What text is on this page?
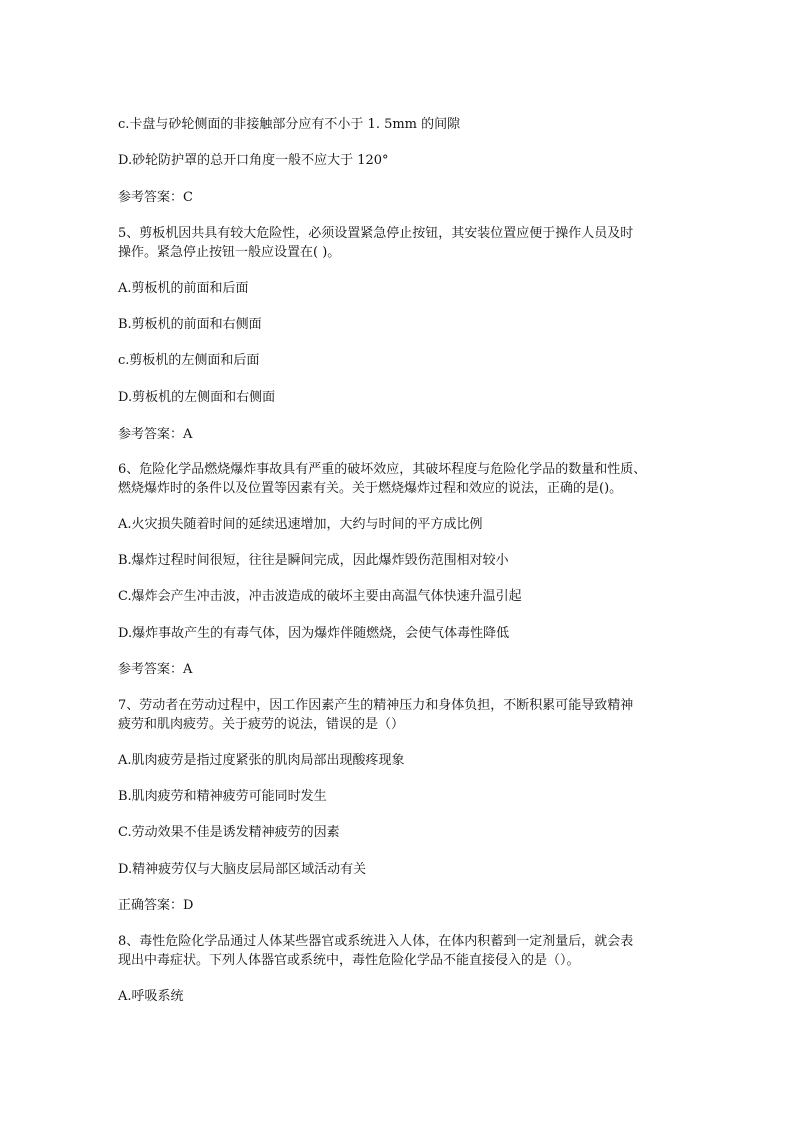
c.卡盘与砂轮侧面的非接触部分应有不小于 1. 5mm 的间隙
D.砂轮防护罩的总开口角度一般不应大于 120°
参考答案：C
5、剪板机因共具有较大危险性，必须设置紧急停止按钮，其安装位置应便于操作人员及时
操作。紧急停止按钮一般应设置在( )。
A.剪板机的前面和后面
B.剪板机的前面和右侧面
c.剪板机的左侧面和后面
D.剪板机的左侧面和右侧面
参考答案：A
6、危险化学品燃烧爆炸事故具有严重的破坏效应，其破坏程度与危险化学品的数量和性质、
燃烧爆炸时的条件以及位置等因素有关。关于燃烧爆炸过程和效应的说法，正确的是()。
A.火灾损失随着时间的延续迅速增加，大约与时间的平方成比例
B.爆炸过程时间很短，往往是瞬间完成，因此爆炸毁伤范围相对较小
C.爆炸会产生冲击波，冲击波造成的破坏主要由高温气体快速升温引起
D.爆炸事故产生的有毒气体，因为爆炸伴随燃烧，会使气体毒性降低
参考答案：A
7、劳动者在劳动过程中，因工作因素产生的精神压力和身体负担，不断积累可能导致精神
疲劳和肌肉疲劳。关于疲劳的说法，错误的是（）
A.肌肉疲劳是指过度紧张的肌肉局部出现酸疼现象
B.肌肉疲劳和精神疲劳可能同时发生
C.劳动效果不佳是诱发精神疲劳的因素
D.精神疲劳仅与大脑皮层局部区域活动有关
正确答案：D
8、毒性危险化学品通过人体某些器官或系统进入人体，在体内积蓄到一定剂量后，就会表
现出中毒症状。下列人体器官或系统中，毒性危险化学品不能直接侵入的是（）。
A.呼吸系统
